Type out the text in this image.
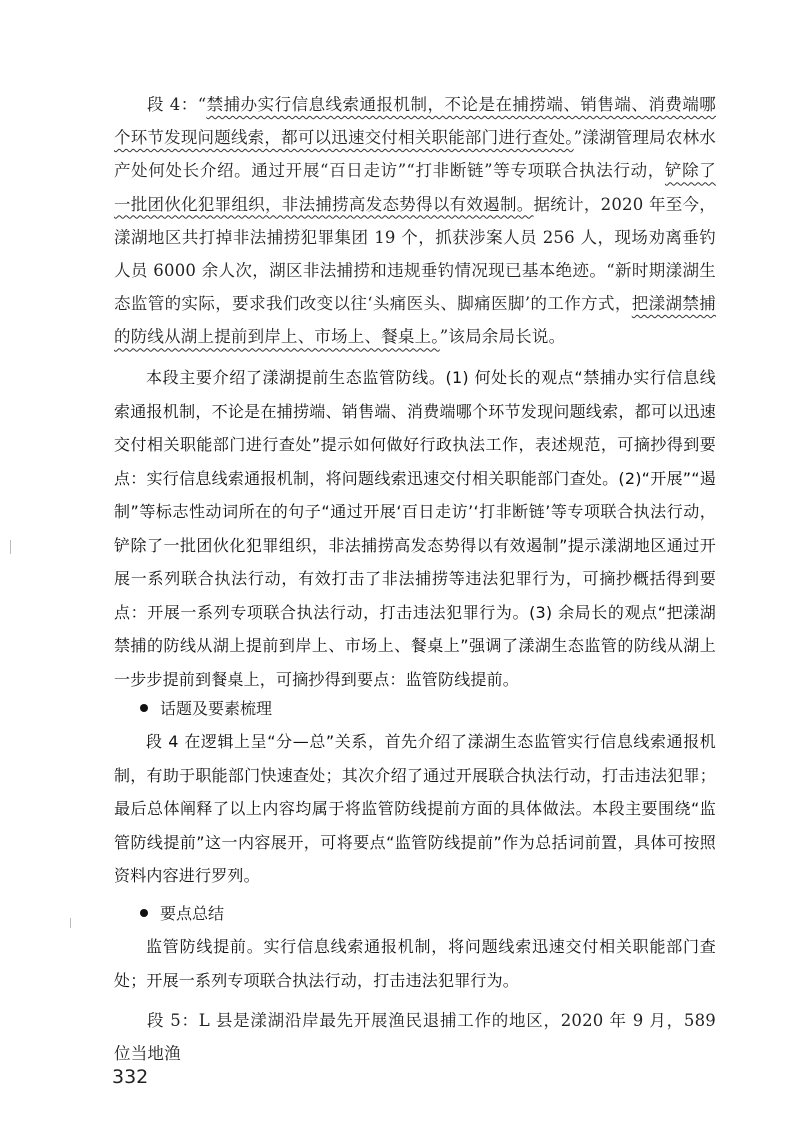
段 4：“禁捕办实行信息线索通报机制，不论是在捕捞端、销售端、消费端哪个环节发现问题线索，都可以迅速交付相关职能部门进行查处。”漾湖管理局农林水产处何处长介绍。通过开展“百日走访”“打非断链”等专项联合执法行动，铲除了一批团伙化犯罪组织，非法捕捞高发态势得以有效遏制。据统计，2020 年至今，漾湖地区共打掉非法捕捞犯罪集团 19 个，抓获涉案人员 256 人，现场劝离垂钓人员 6000 余人次，湖区非法捕捞和违规垂钓情况现已基本绝迹。“新时期漾湖生态监管的实际，要求我们改变以往‘头痛医头、脚痛医脚’的工作方式，把漾湖禁捕的防线从湖上提前到岸上、市场上、餐桌上。”该局余局长说。

本段主要介绍了漾湖提前生态监管防线。(1) 何处长的观点“禁捕办实行信息线索通报机制，不论是在捕捞端、销售端、消费端哪个环节发现问题线索，都可以迅速交付相关职能部门进行查处”提示如何做好行政执法工作，表述规范，可摘抄得到要点：实行信息线索通报机制，将问题线索迅速交付相关职能部门查处。(2)“开展”“遏制”等标志性动词所在的句子“通过开展‘百日走访’‘打非断链’等专项联合执法行动，铲除了一批团伙化犯罪组织，非法捕捞高发态势得以有效遏制”提示漾湖地区通过开展一系列联合执法行动，有效打击了非法捕捞等违法犯罪行为，可摘抄概括得到要点：开展一系列专项联合执法行动，打击违法犯罪行为。(3) 余局长的观点“把漾湖禁捕的防线从湖上提前到岸上、市场上、餐桌上”强调了漾湖生态监管的防线从湖上一步步提前到餐桌上，可摘抄得到要点：监管防线提前。

话题及要素梳理

段 4 在逻辑上呈“分—总”关系，首先介绍了漾湖生态监管实行信息线索通报机制，有助于职能部门快速查处；其次介绍了通过开展联合执法行动，打击违法犯罪；最后总体阐释了以上内容均属于将监管防线提前方面的具体做法。本段主要围绕“监管防线提前”这一内容展开，可将要点“监管防线提前”作为总括词前置，具体可按照资料内容进行罗列。

要点总结

监管防线提前。实行信息线索通报机制，将问题线索迅速交付相关职能部门查处；开展一系列专项联合执法行动，打击违法犯罪行为。

段 5：L 县是漾湖沿岸最先开展渔民退捕工作的地区，2020 年 9 月，589 位当地渔

332
